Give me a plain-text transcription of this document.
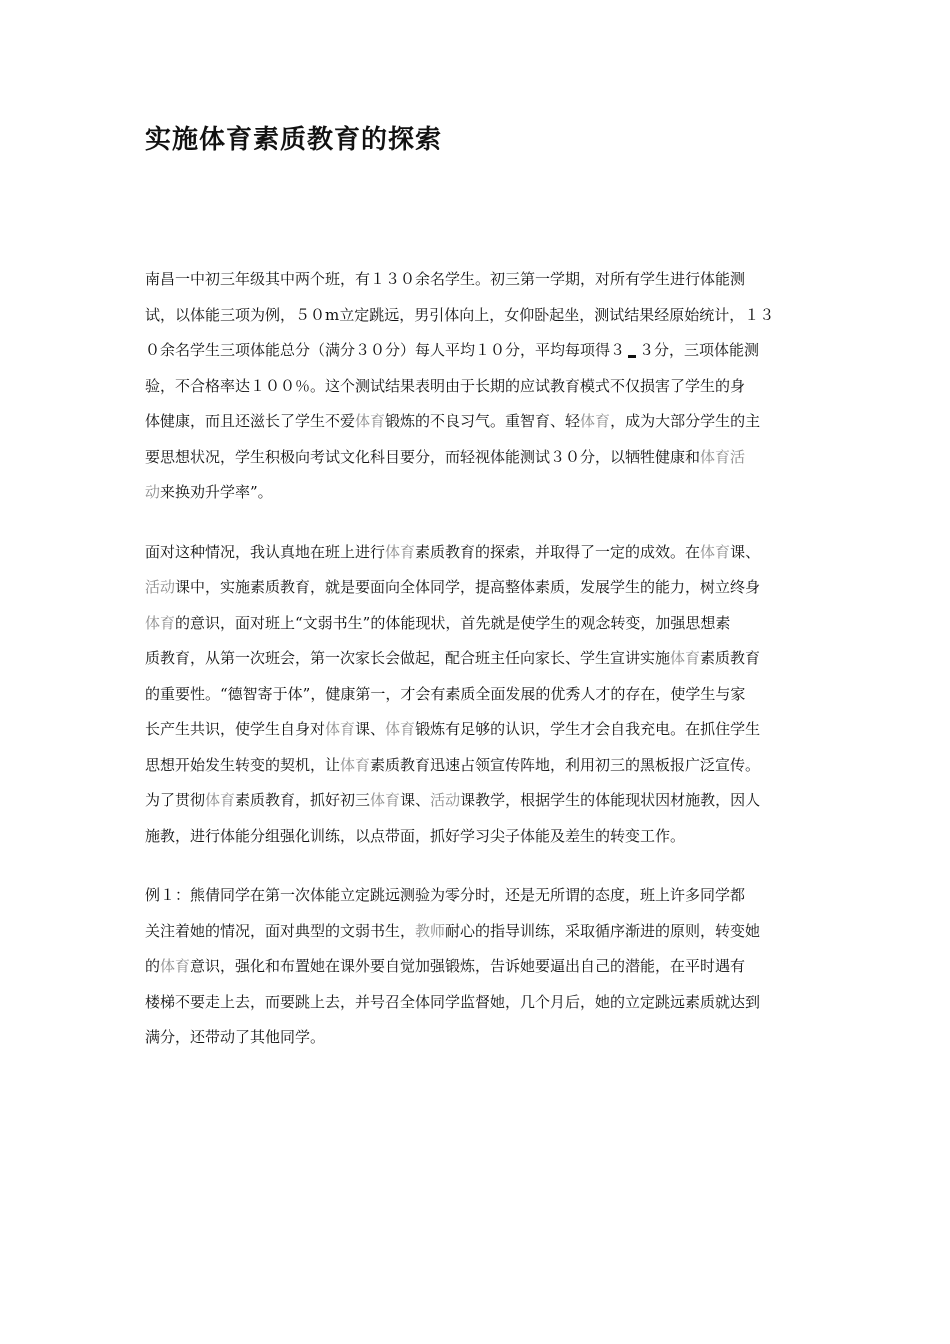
实施体育素质教育的探索

南昌一中初三年级其中两个班，有１３０余名学生。初三第一学期，对所有学生进行体能测
试，以体能三项为例，５０m立定跳远，男引体向上，女仰卧起坐，测试结果经原始统计，１３
０余名学生三项体能总分（满分３０分）每人平均１０分，平均每项得３ ３分，三项体能测
验，不合格率达１００％。这个测试结果表明由于长期的应试教育模式不仅损害了学生的身
体健康，而且还滋长了学生不爱体育锻炼的不良习气。重智育、轻体育，成为大部分学生的主
要思想状况，学生积极向考试文化科目要分，而轻视体能测试３０分，以牺牲健康和体育活
动来换劝升学率”。

面对这种情况，我认真地在班上进行体育素质教育的探索，并取得了一定的成效。在体育课、
活动课中，实施素质教育，就是要面向全体同学，提高整体素质，发展学生的能力，树立终身
体育的意识，面对班上“文弱书生”的体能现状，首先就是使学生的观念转变，加强思想素
质教育，从第一次班会，第一次家长会做起，配合班主任向家长、学生宣讲实施体育素质教育
的重要性。“德智寄于体”，健康第一，才会有素质全面发展的优秀人才的存在，使学生与家
长产生共识，使学生自身对体育课、体育锻炼有足够的认识，学生才会自我充电。在抓住学生
思想开始发生转变的契机，让体育素质教育迅速占领宣传阵地，利用初三的黑板报广泛宣传。
为了贯彻体育素质教育，抓好初三体育课、活动课教学，根据学生的体能现状因材施教，因人
施教，进行体能分组强化训练，以点带面，抓好学习尖子体能及差生的转变工作。

例１：熊倩同学在第一次体能立定跳远测验为零分时，还是无所谓的态度，班上许多同学都
关注着她的情况，面对典型的文弱书生，教师耐心的指导训练，采取循序渐进的原则，转变她
的体育意识，强化和布置她在课外要自觉加强锻炼，告诉她要逼出自己的潜能，在平时遇有
楼梯不要走上去，而要跳上去，并号召全体同学监督她，几个月后，她的立定跳远素质就达到
满分，还带动了其他同学。
